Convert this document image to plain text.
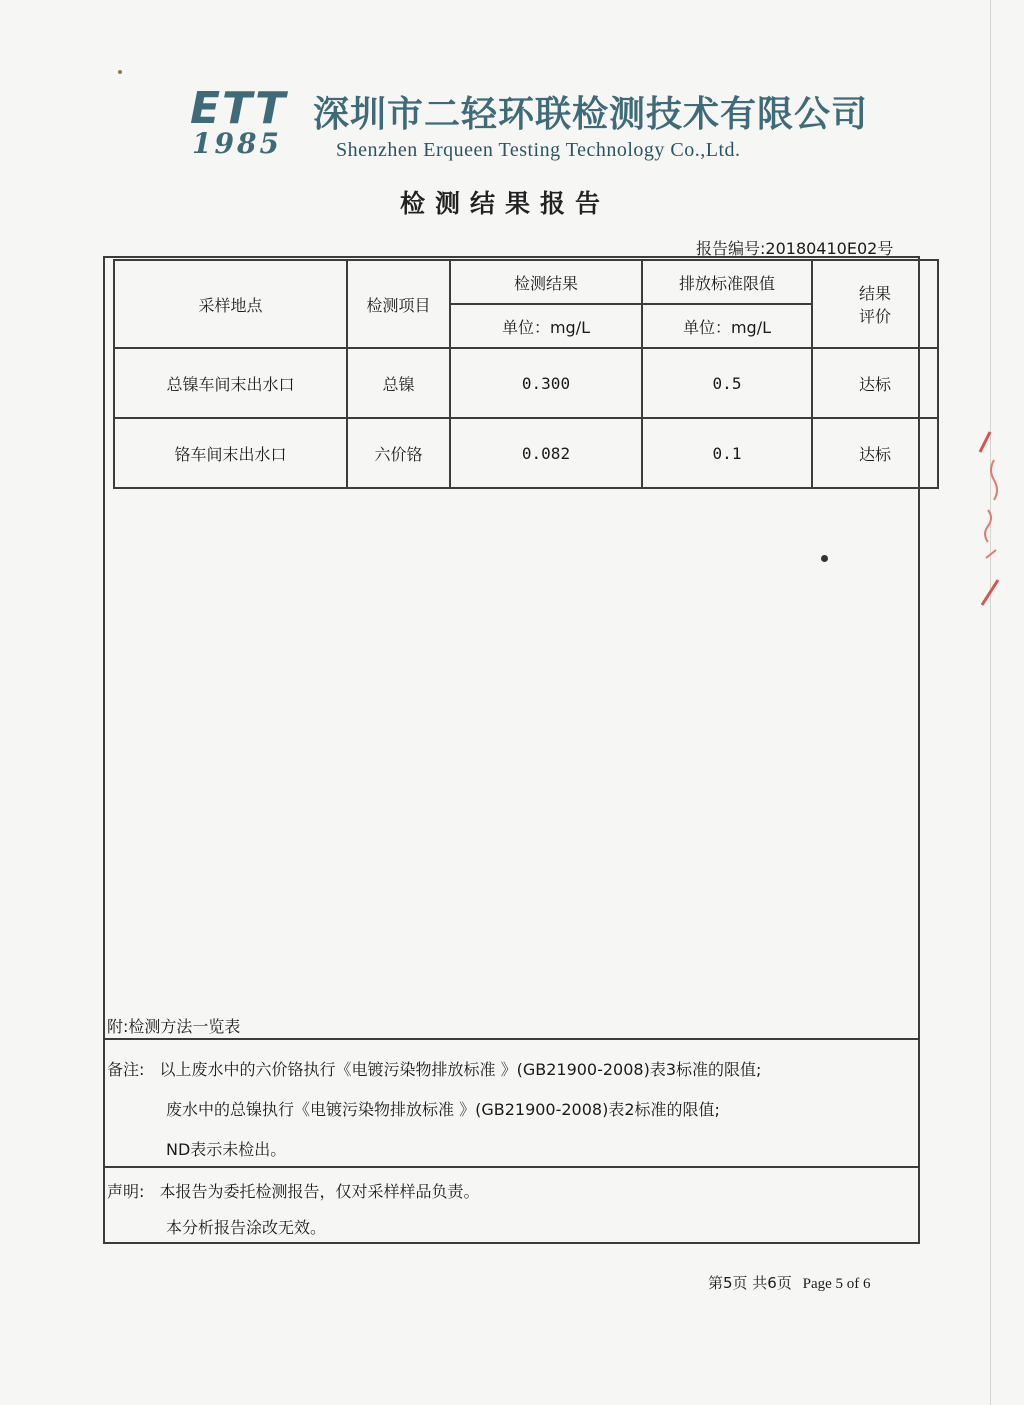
ETT
1985
深圳市二轻环联检测技术有限公司
Shenzhen Erqueen Testing Technology Co.,Ltd.
检测结果报告
报告编号:20180410E02号
采样地点	检测项目	检测结果	排放标准限值	结果
评价

		单位：mg/L	单位：mg/L	
总镍车间末出水口	总镍	0.300	0.5	达标
铬车间末出水口	六价铬	0.082	0.1	达标
附:检测方法一览表
备注: 以上废水中的六价铬执行《电镀污染物排放标准 》(GB21900-2008)表3标准的限值;
废水中的总镍执行《电镀污染物排放标准 》(GB21900-2008)表2标准的限值;
ND表示未检出。
声明: 本报告为委托检测报告，仅对采样样品负责。
本分析报告涂改无效。
第5页 共6页 Page 5 of 6
